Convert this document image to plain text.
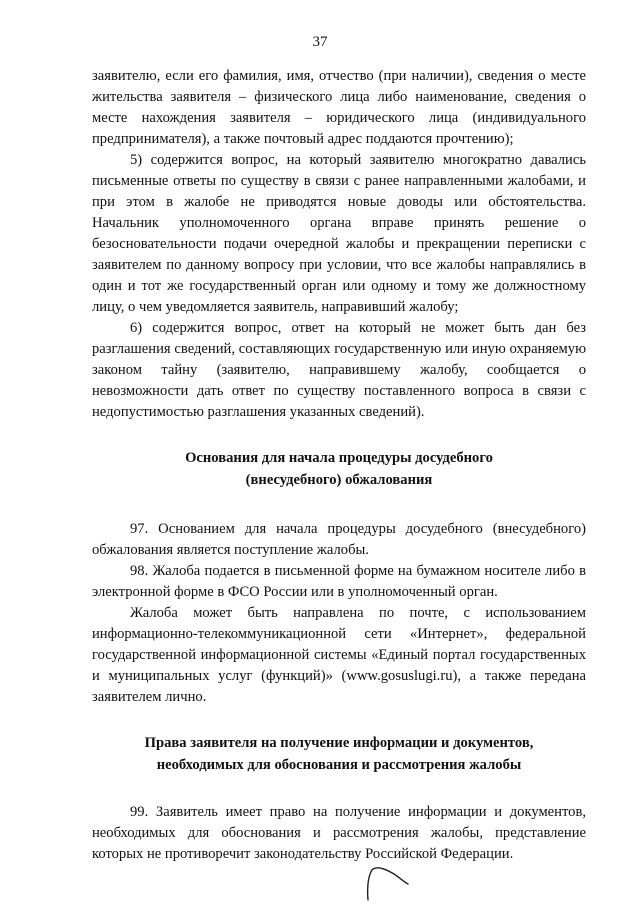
37

заявителю, если его фамилия, имя, отчество (при наличии), сведения о месте жительства заявителя – физического лица либо наименование, сведения о месте нахождения заявителя – юридического лица (индивидуального предпринимателя), а также почтовый адрес поддаются прочтению);

5) содержится вопрос, на который заявителю многократно давались письменные ответы по существу в связи с ранее направленными жалобами, и при этом в жалобе не приводятся новые доводы или обстоятельства. Начальник уполномоченного органа вправе принять решение о безосновательности подачи очередной жалобы и прекращении переписки с заявителем по данному вопросу при условии, что все жалобы направлялись в один и тот же государственный орган или одному и тому же должностному лицу, о чем уведомляется заявитель, направивший жалобу;

6) содержится вопрос, ответ на который не может быть дан без разглашения сведений, составляющих государственную или иную охраняемую законом тайну (заявителю, направившему жалобу, сообщается о невозможности дать ответ по существу поставленного вопроса в связи с недопустимостью разглашения указанных сведений).

Основания для начала процедуры досудебного
(внесудебного) обжалования

97. Основанием для начала процедуры досудебного (внесудебного) обжалования является поступление жалобы.

98. Жалоба подается в письменной форме на бумажном носителе либо в электронной форме в ФСО России или в уполномоченный орган.

Жалоба может быть направлена по почте, с использованием информационно-телекоммуникационной сети «Интернет», федеральной государственной информационной системы «Единый портал государственных и муниципальных услуг (функций)» (www.gosuslugi.ru), а также передана заявителем лично.

Права заявителя на получение информации и документов,
необходимых для обоснования и рассмотрения жалобы

99. Заявитель имеет право на получение информации и документов, необходимых для обоснования и рассмотрения жалобы, представление которых не противоречит законодательству Российской Федерации.
